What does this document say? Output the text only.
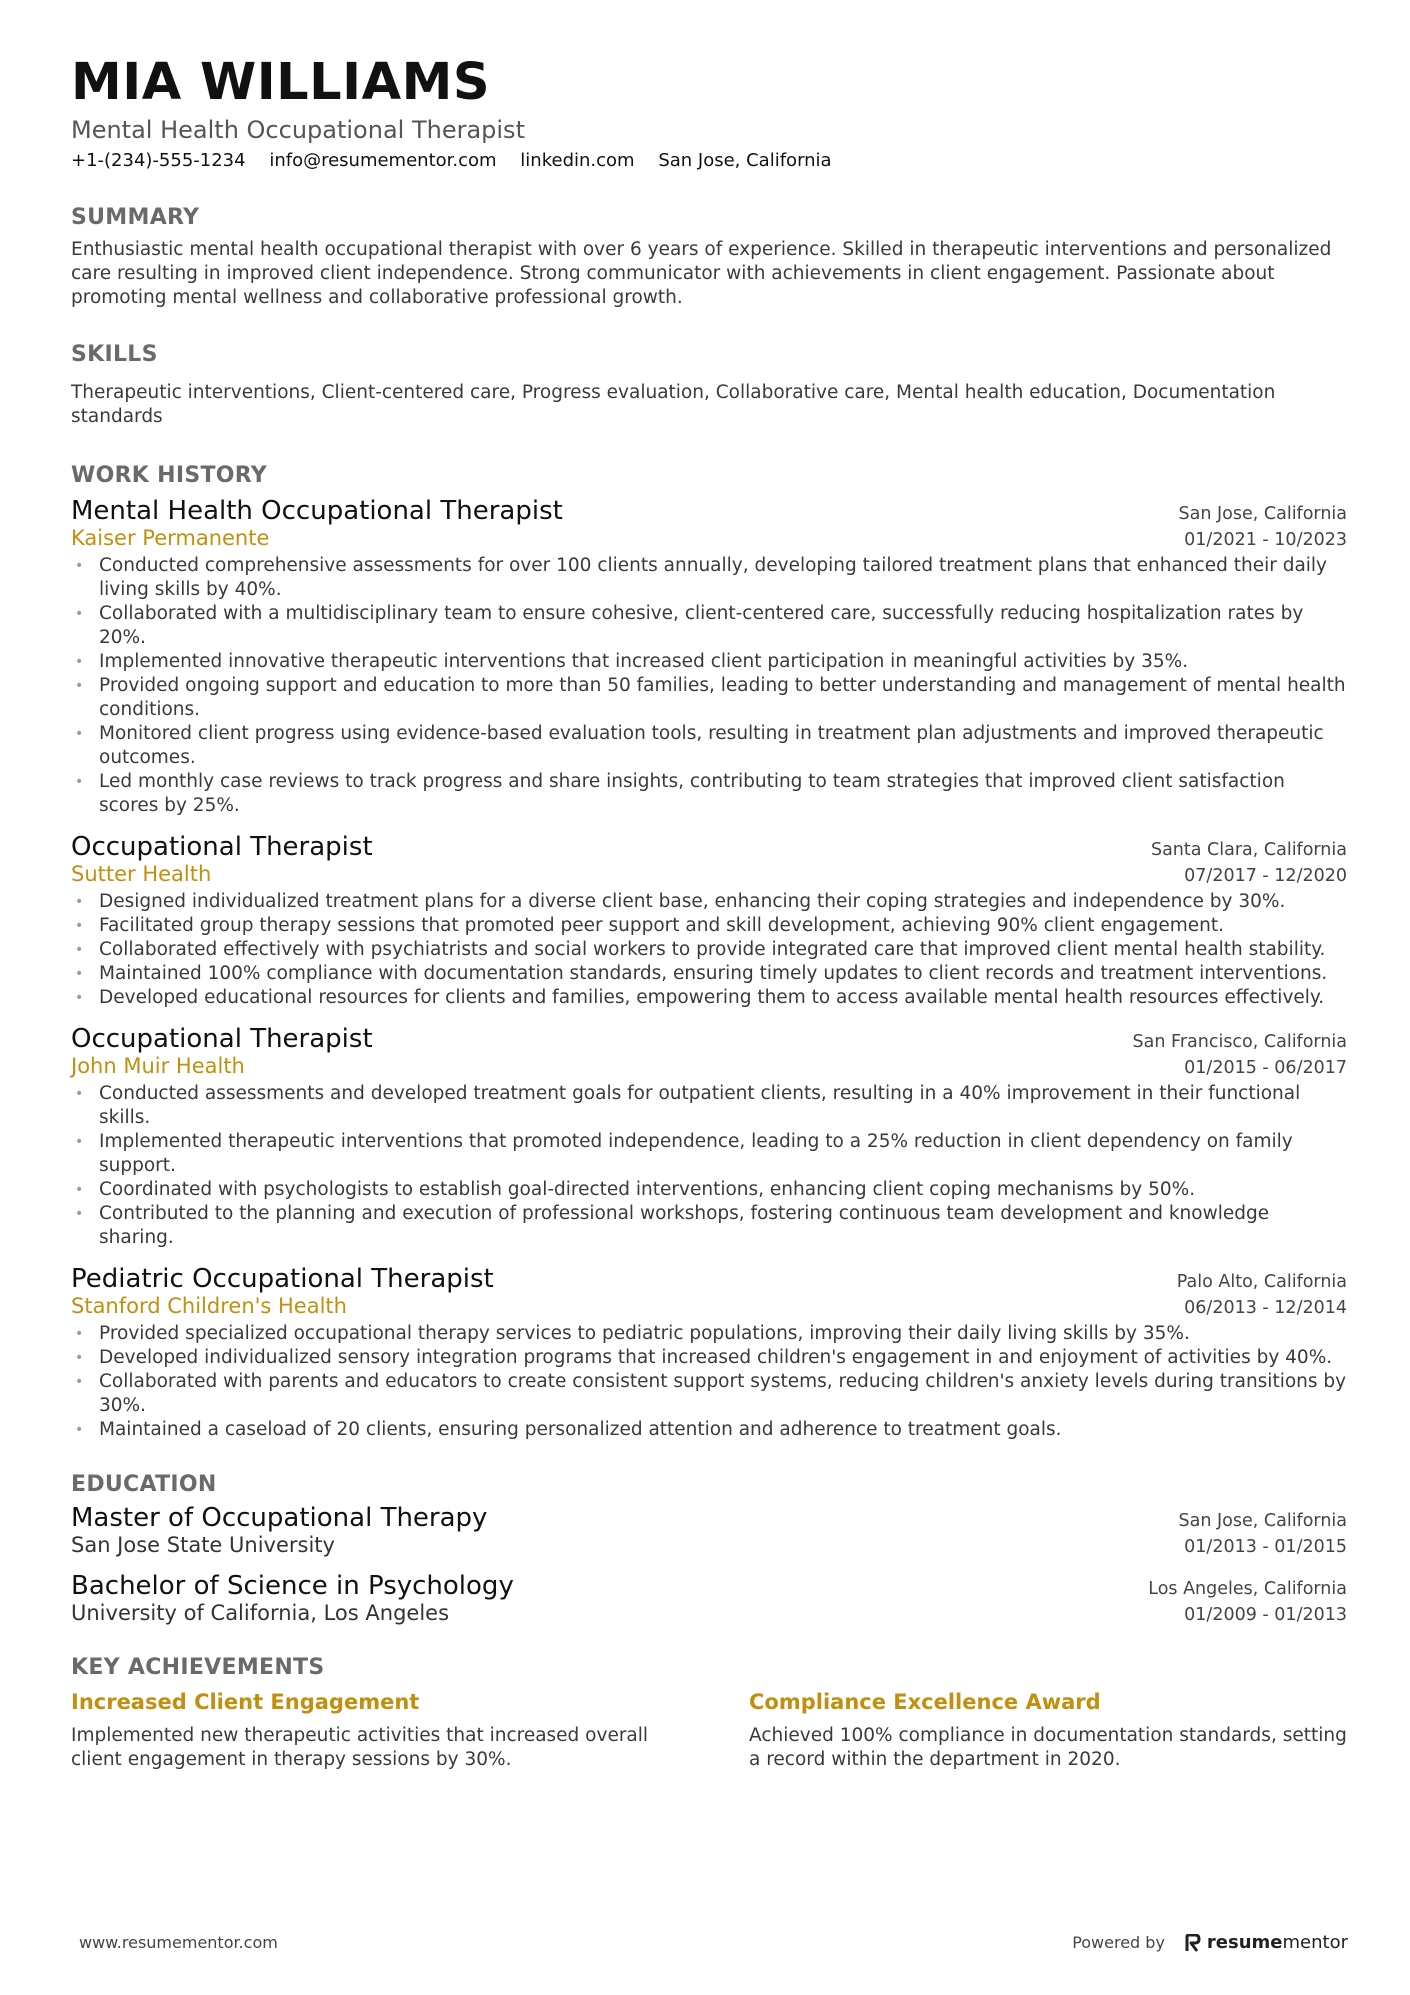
MIA WILLIAMS
Mental Health Occupational Therapist
+1-(234)-555-1234 info@resumementor.com linkedin.com San Jose, California
SUMMARY
Enthusiastic mental health occupational therapist with over 6 years of experience. Skilled in therapeutic interventions and personalized care resulting in improved client independence. Strong communicator with achievements in client engagement. Passionate about promoting mental wellness and collaborative professional growth.
SKILLS
Therapeutic interventions, Client-centered care, Progress evaluation, Collaborative care, Mental health education, Documentation standards
WORK HISTORY
Mental Health Occupational Therapist	San Jose, California
Kaiser Permanente	01/2021 - 10/2023
• Conducted comprehensive assessments for over 100 clients annually, developing tailored treatment plans that enhanced their daily living skills by 40%.
• Collaborated with a multidisciplinary team to ensure cohesive, client-centered care, successfully reducing hospitalization rates by 20%.
• Implemented innovative therapeutic interventions that increased client participation in meaningful activities by 35%.
• Provided ongoing support and education to more than 50 families, leading to better understanding and management of mental health conditions.
• Monitored client progress using evidence-based evaluation tools, resulting in treatment plan adjustments and improved therapeutic outcomes.
• Led monthly case reviews to track progress and share insights, contributing to team strategies that improved client satisfaction scores by 25%.
Occupational Therapist	Santa Clara, California
Sutter Health	07/2017 - 12/2020
• Designed individualized treatment plans for a diverse client base, enhancing their coping strategies and independence by 30%.
• Facilitated group therapy sessions that promoted peer support and skill development, achieving 90% client engagement.
• Collaborated effectively with psychiatrists and social workers to provide integrated care that improved client mental health stability.
• Maintained 100% compliance with documentation standards, ensuring timely updates to client records and treatment interventions.
• Developed educational resources for clients and families, empowering them to access available mental health resources effectively.
Occupational Therapist	San Francisco, California
John Muir Health	01/2015 - 06/2017
• Conducted assessments and developed treatment goals for outpatient clients, resulting in a 40% improvement in their functional skills.
• Implemented therapeutic interventions that promoted independence, leading to a 25% reduction in client dependency on family support.
• Coordinated with psychologists to establish goal-directed interventions, enhancing client coping mechanisms by 50%.
• Contributed to the planning and execution of professional workshops, fostering continuous team development and knowledge sharing.
Pediatric Occupational Therapist	Palo Alto, California
Stanford Children's Health	06/2013 - 12/2014
• Provided specialized occupational therapy services to pediatric populations, improving their daily living skills by 35%.
• Developed individualized sensory integration programs that increased children's engagement in and enjoyment of activities by 40%.
• Collaborated with parents and educators to create consistent support systems, reducing children's anxiety levels during transitions by 30%.
• Maintained a caseload of 20 clients, ensuring personalized attention and adherence to treatment goals.
EDUCATION
Master of Occupational Therapy	San Jose, California
San Jose State University	01/2013 - 01/2015
Bachelor of Science in Psychology	Los Angeles, California
University of California, Los Angeles	01/2009 - 01/2013
KEY ACHIEVEMENTS
Increased Client Engagement
Implemented new therapeutic activities that increased overall client engagement in therapy sessions by 30%.
Compliance Excellence Award
Achieved 100% compliance in documentation standards, setting a record within the department in 2020.
www.resumementor.com	Powered by resumementor
